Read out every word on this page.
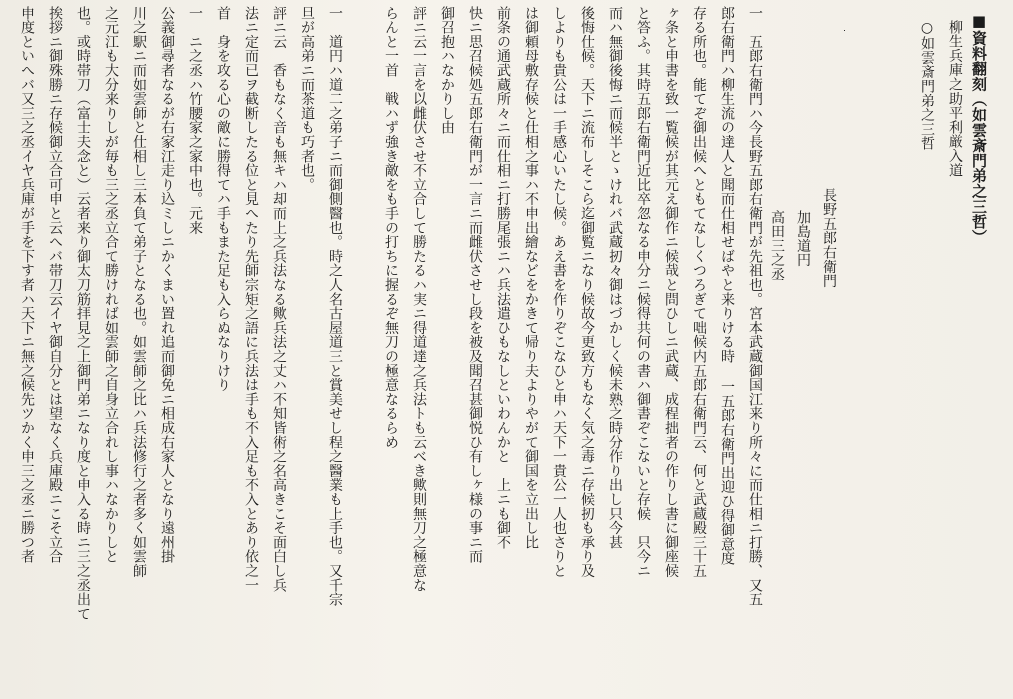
■資料翻刻（如雲斎門弟之三哲）
柳生兵庫之助平利厳入道
○如雲斎門弟之三哲
長野五郎右衛門
加島道円
高田三之丞
一　五郎右衛門ハ今長野五郎右衛門が先祖也。宮本武蔵御国江来り所々に而仕相ニ打勝、又五
郎右衛門ハ柳生流の達人と聞而仕相せばやと来りける時 一五郎右衛門出迎ひ得御意度
存る所也。能てぞ御出候へともてなしくつろぎて咄候内五郎右衛門云、何と武蔵殿三十五
ヶ条と申書を致一覧候が其元え御作ニ候哉と問ひしニ武蔵、成程拙者の作りし書に御座候
と答ふ。其時五郎右衛門近比卒忽なる申分ニ候得共何の書ハ御書ぞこないと存候　只今ニ
而ハ無御後悔ニ而候半とゝけれバ武蔵扨々御はづかしく候未熟之時分作り出し只今甚
後悔仕候。天下ニ流布しそこら迄御覧ニなり候故今更致方もなく気之毒ニ存候扨も承り及
しよりも貴公は一手感心いたし候。あえ書を作りぞこなひと申ハ天下一貴公一人也さりと
は御頼母敷存候と仕相之事ハ不申出繪などをかきて帰り夫よりやがて御国を立出し比
前条の通武蔵所々ニ而仕相ニ打勝尾張ニハ兵法遣ひもなしといわんかと　上ニも御不
快ニ思召候処五郎右衛門が一言ニ而雌伏させし段を被及聞召甚御悦ひ有しヶ様の事ニ而
御召抱ハなかりし由
評ニ云一言を以雌伏させ不立合して勝たるハ実ニ得道達之兵法トも云べき歟則無刀之極意な
らんと一首　戦ハず強き敵をも手の打ちに握るぞ無刀の極意なるらめ
一　道円ハ道二之弟子ニ而御側醫也。時之人名古屋道三と賞美せし程之醫業も上手也。又千宗
旦が高弟ニ而茶道も巧者也。
評ニ云　香もなく音も無キハ却而上之兵法なる歟兵法之丈ハ不知皆術之名高きこそ面白し兵
法ニ定而已ヲ截断したる位と見へたり先師宗矩之語に兵法は手も不入足も不入とあり依之一
首　身を攻る心の敵に勝得てハ手もまた足も入らぬなりけり
一　ニ之丞ハ竹腰家之家中也。元来
公義御尋者なるが右家江走り込ミしニかくまい置れ追而御免ニ相成右家人となり遠州掛
川之駅ニ而如雲師と仕相し三本負て弟子となる也。如雲師之比ハ兵法修行之者多く如雲師
之元江も大分来りしが毎も三之丞立合て勝ければ如雲師之自身立合れし事ハなかりしと
也。或時帯刀（富士夫念と）云者来り御太刀筋拝見之上御門弟ニなり度と申入る時ニ三之丞出て
挨拶ニ御殊勝ニ存候御立合可申と云へバ帯刀云イヤ御自分とは望なく兵庫殿ニこそ立合
申度といへバ又三之丞イヤ兵庫が手を下す者ハ天下ニ無之候先ツかく申三之丞ニ勝つ者
